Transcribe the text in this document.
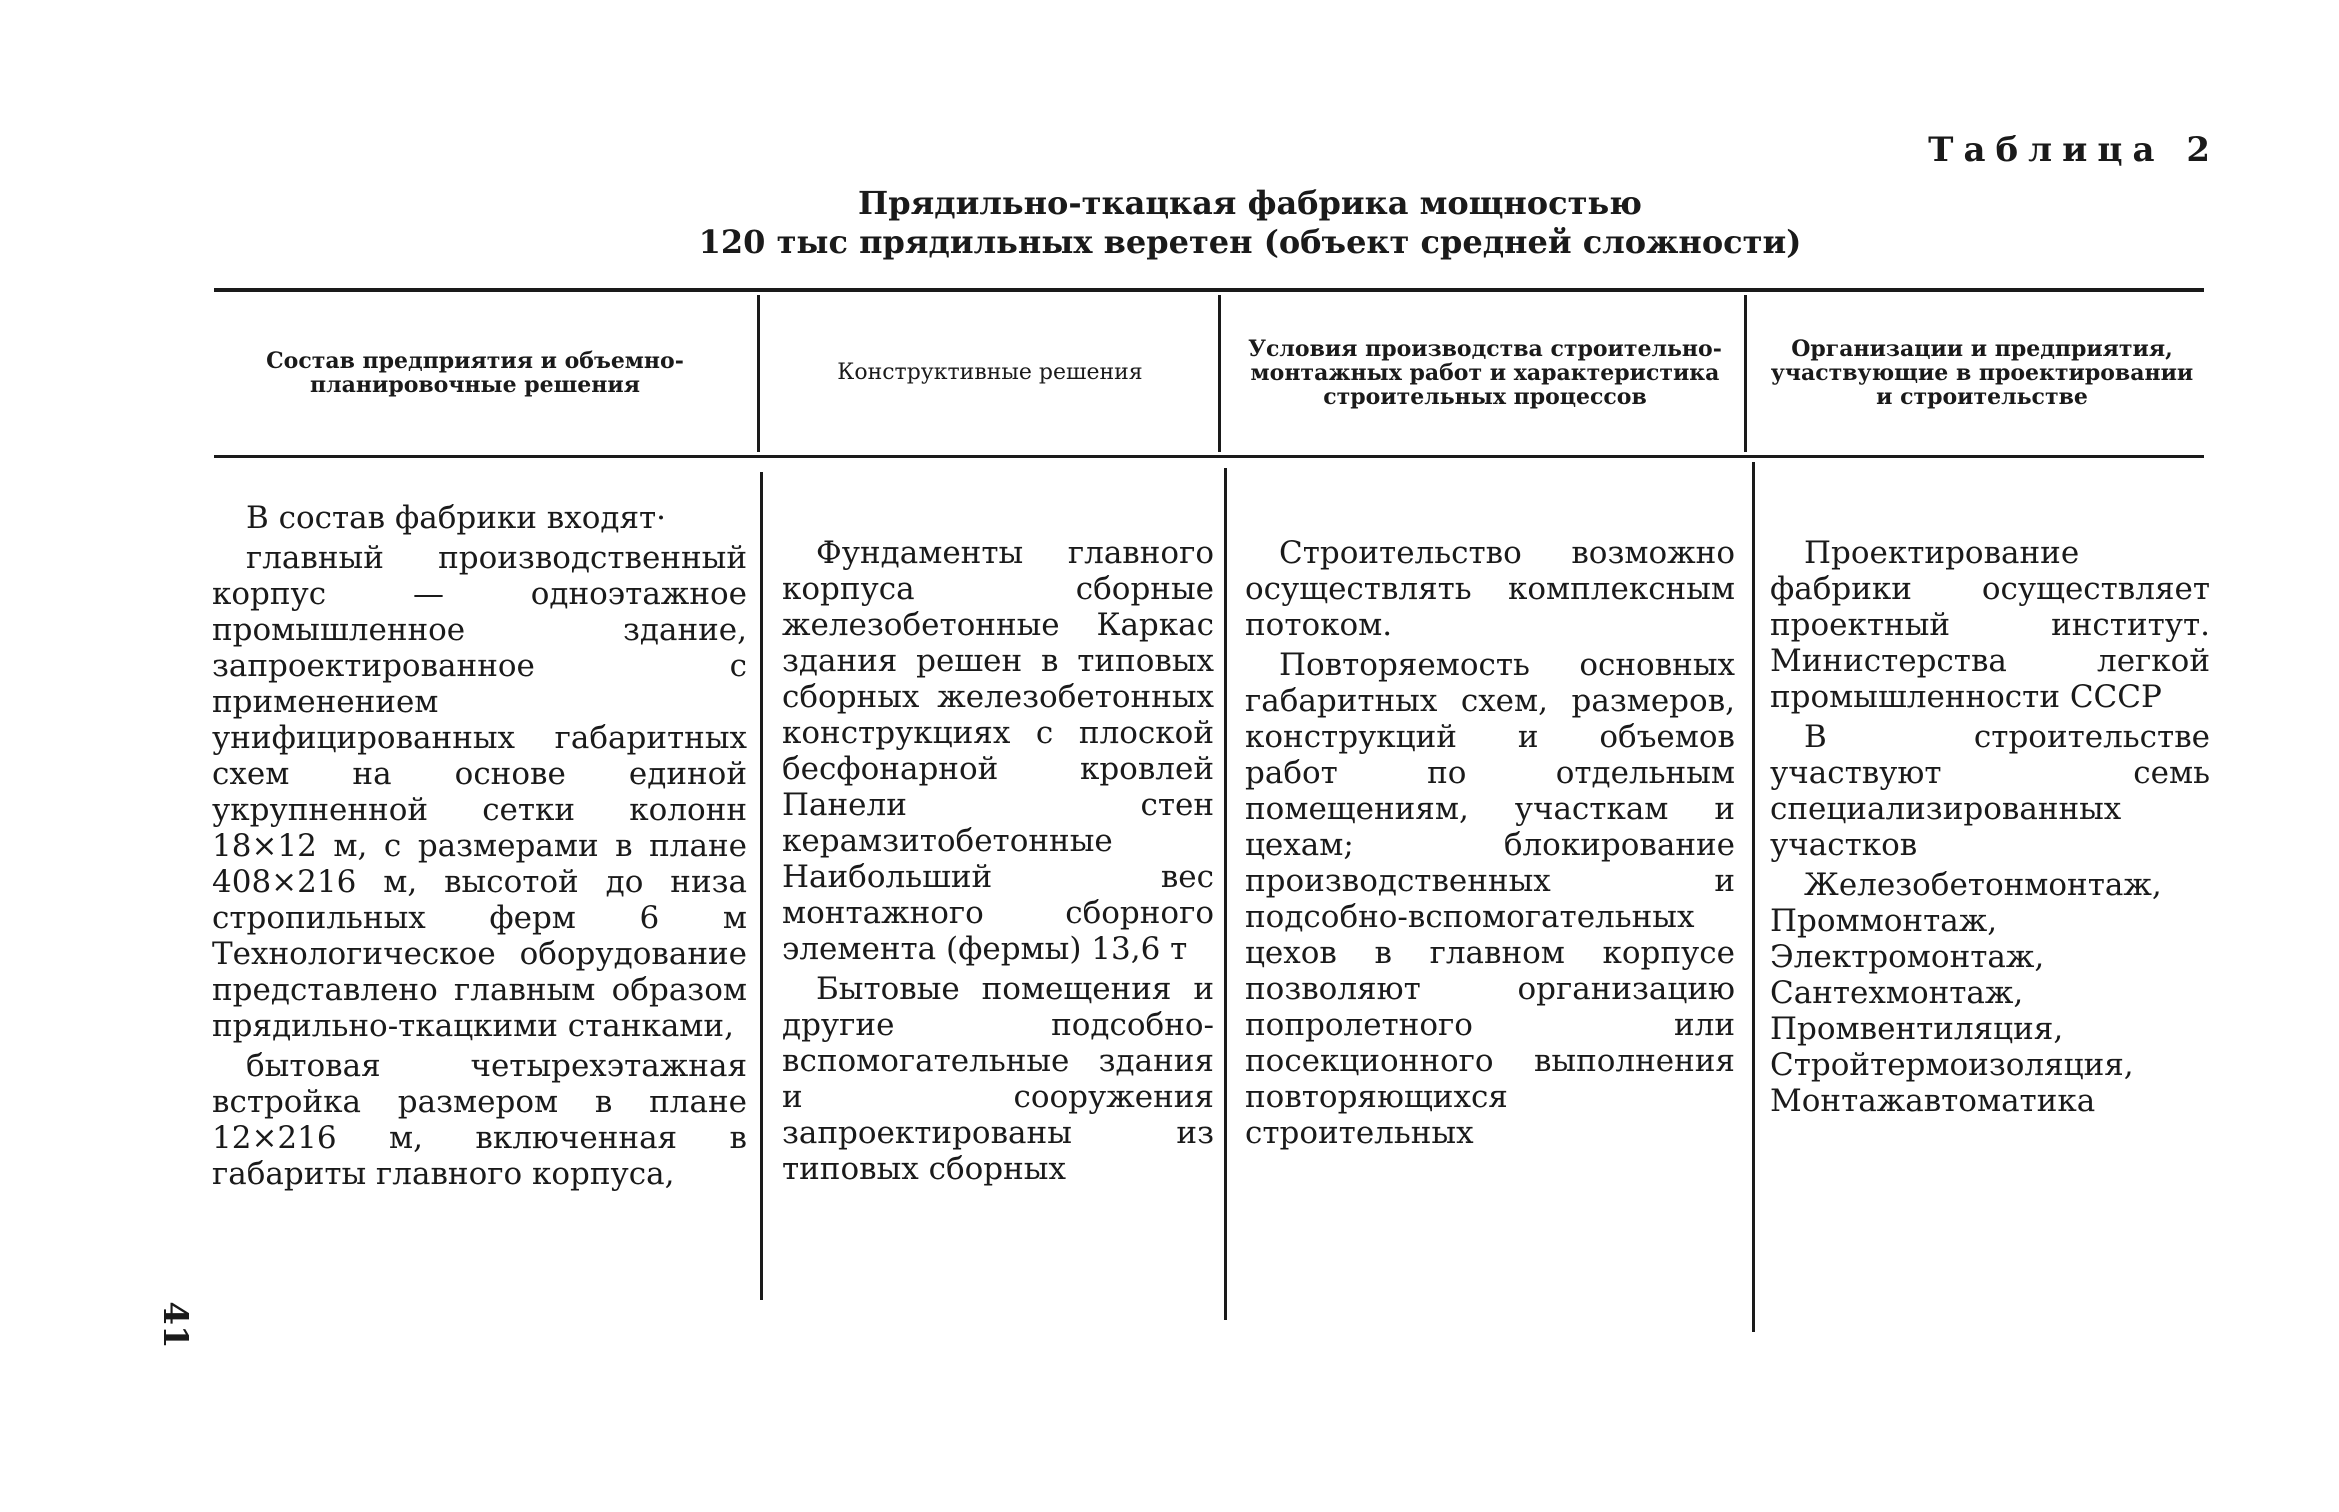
Таблица 2
Прядильно-ткацкая фабрика мощностью
120 тыс прядильных веретен (объект средней сложности)
Состав предприятия и объемно-планировочные решения	Конструктивные решения
Условия производства строительно-монтажных работ и характеристика строительных процессов
Организации и предприятия, участвующие в проектировании и строительстве

В состав фабрики входят·

главный производственный корпус — одноэтажное промышленное здание, запроектированное с применением унифицированных габаритных схем на основе единой укрупненной сетки колонн 18×12 м, с размерами в плане 408×216 м, высотой до низа стропильных ферм 6 м Технологическое оборудование представлено главным образом прядильно-ткацкими станками,

бытовая четырехэтажная встройка размером в плане 12×216 м, включенная в габариты главного корпуса,

Фундаменты главного корпуса сборные железобетонные Каркас здания решен в типовых сборных железобетонных конструкциях с плоской бесфонарной кровлей Панели стен керамзитобетонные Наибольший вес монтажного сборного элемента (фермы) 13,6 т

Бытовые помещения и другие подсобно-вспомогательные здания и сооружения запроектированы из типовых сборных

Строительство возможно осуществлять комплексным потоком.

Повторяемость основных габаритных схем, размеров, конструкций и объемов работ по отдельным помещениям, участкам и цехам; блокирование производственных и подсобно-вспомогательных цехов в главном корпусе позволяют организацию попролетного или посекционного выполнения повторяющихся строительных

Проектирование фабрики осуществляет проектный институт. Министерства легкой промышленности СССР

В строительстве участвуют семь специализированных участков

Железобетонмонтаж, Проммонтаж, Электромонтаж, Сантехмонтаж, Промвентиляция, Стройтермоизоляция, Монтажавтоматика

41
